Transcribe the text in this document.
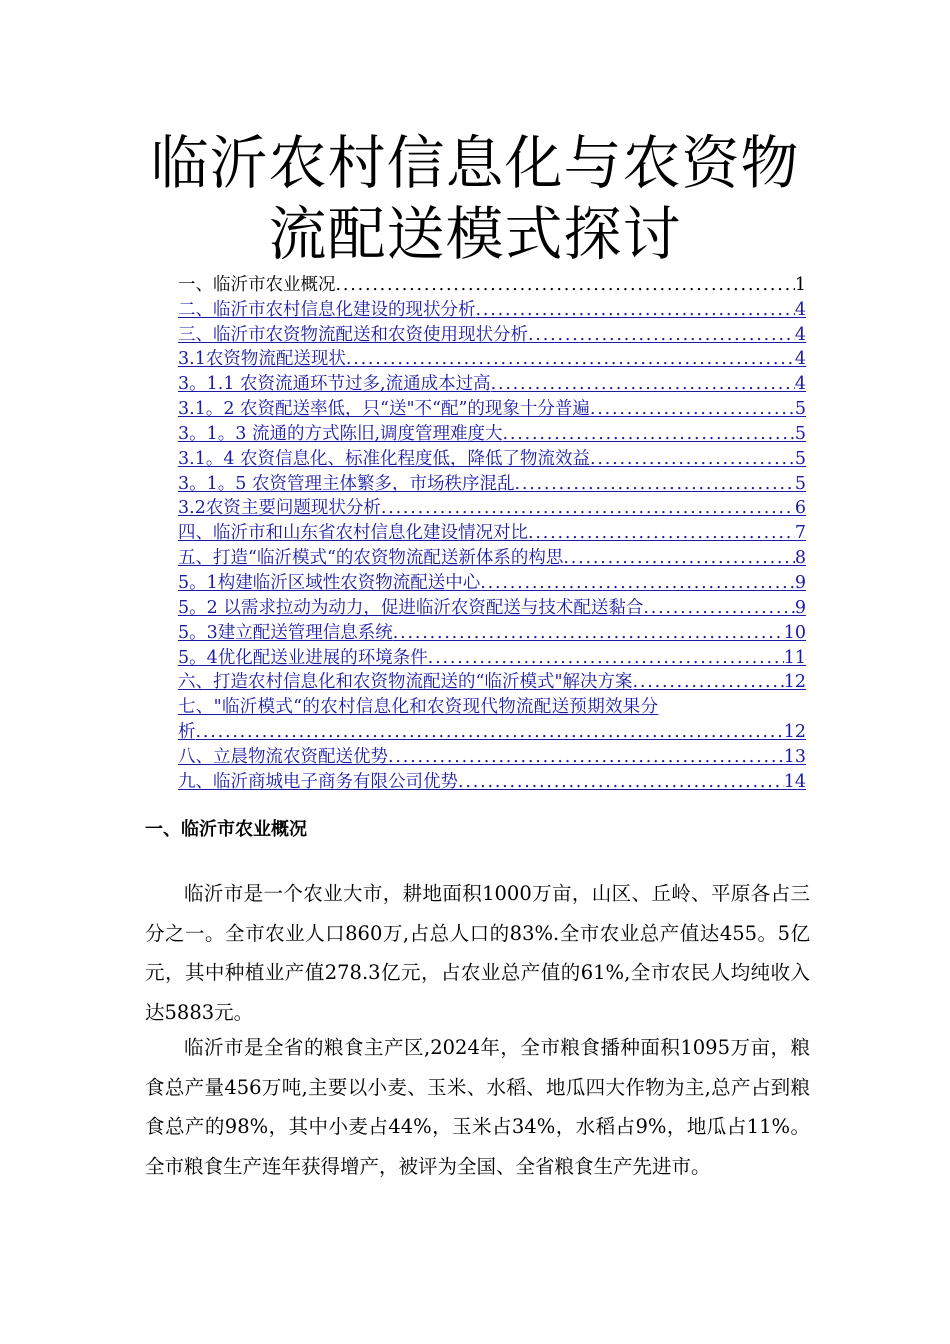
临沂农村信息化与农资物
流配送模式探讨
一、临沂市农业概况 .....	1
二、临沂市农村信息化建设的现状分析 .....	4
三、临沂市农资物流配送和农资使用现状分析 .....	4
3.1农资物流配送现状 .....	4
3。1.1 农资流通环节过多,流通成本过高 .....	4
3.1。2 农资配送率低，只“送"不“配”的现象十分普遍 .....	5
3。1。3 流通的方式陈旧,调度管理难度大 .....	5
3.1。4 农资信息化、标准化程度低，降低了物流效益 .....	5
3。1。5 农资管理主体繁多，市场秩序混乱 .....	5
3.2农资主要问题现状分析 .....	6
四、临沂市和山东省农村信息化建设情况对比 .....	7
五、打造“临沂模式“的农资物流配送新体系的构思 .....	8
5。1构建临沂区域性农资物流配送中心 .....	9
5。2 以需求拉动为动力，促进临沂农资配送与技术配送黏合 .....	9
5。3建立配送管理信息系统 .....	10
5。4优化配送业进展的环境条件 .....	11
六、打造农村信息化和农资物流配送的“临沂模式"解决方案 .....	12
七、"临沂模式“的农村信息化和农资现代物流配送预期效果分
析 .....	12
八、立晨物流农资配送优势 .....	13
九、临沂商城电子商务有限公司优势 .....	14
一、临沂市农业概况

临沂市是一个农业大市，耕地面积1000万亩，山区、丘岭、平原各占三分之一。全市农业人口860万,占总人口的83%.全市农业总产值达455。5亿元，其中种植业产值278.3亿元，占农业总产值的61%,全市农民人均纯收入达5883元。

临沂市是全省的粮食主产区,2024年，全市粮食播种面积1095万亩，粮食总产量456万吨,主要以小麦、玉米、水稻、地瓜四大作物为主,总产占到粮食总产的98%，其中小麦占44%，玉米占34%，水稻占9%，地瓜占11%。全市粮食生产连年获得增产，被评为全国、全省粮食生产先进市。
